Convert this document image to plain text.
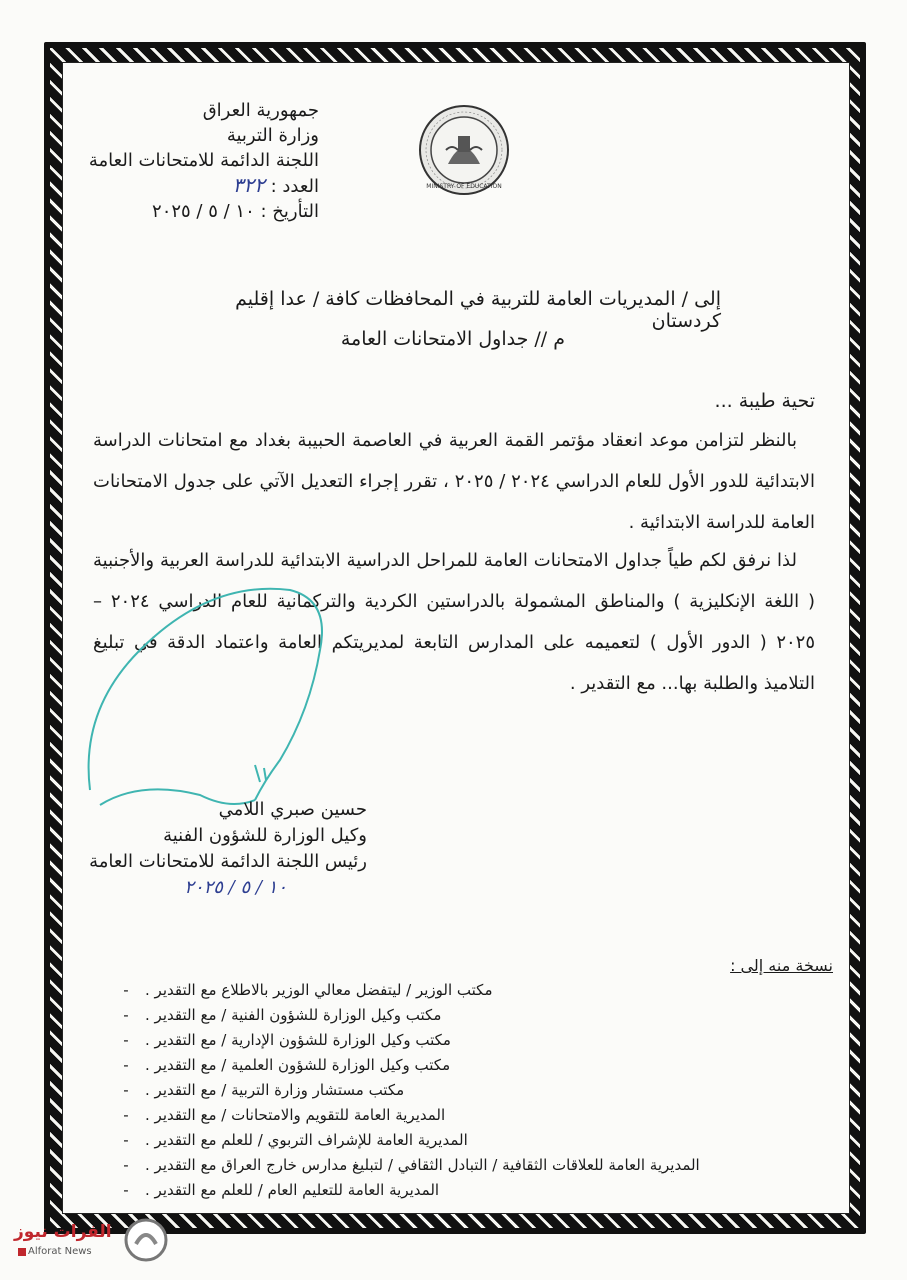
جمهورية العراق
وزارة التربية
اللجنة الدائمة للامتحانات العامة
العدد : ٣٢٢
التأريخ : ١٠ / ٥ / ٢٠٢٥
MINISTRY OF EDUCATION
إلى / المديريات العامة للتربية في المحافظات كافة / عدا إقليم كردستان
م // جداول الامتحانات العامة
تحية طيبة ...
بالنظر لتزامن موعد انعقاد مؤتمر القمة العربية في العاصمة الحبيبة بغداد مع امتحانات الدراسة الابتدائية للدور الأول للعام الدراسي ٢٠٢٤ / ٢٠٢٥ ، تقرر إجراء التعديل الآتي على جدول الامتحانات العامة للدراسة الابتدائية .
لذا نرفق لكم طياً جداول الامتحانات العامة للمراحل الدراسية الابتدائية للدراسة العربية والأجنبية ( اللغة الإنكليزية ) والمناطق المشمولة بالدراستين الكردية والتركمانية للعام الدراسي ٢٠٢٤ – ٢٠٢٥ ( الدور الأول ) لتعميمه على المدارس التابعة لمديريتكم العامة واعتماد الدقة في تبليغ التلاميذ والطلبة بها... مع التقدير .
حسين صبري اللامي
وكيل الوزارة للشؤون الفنية
رئيس اللجنة الدائمة للامتحانات العامة
١٠ / ٥ / ٢٠٢٥
نسخة منه إلى :
مكتب الوزير / ليتفضل معالي الوزير بالاطلاع مع التقدير .
-
مكتب وكيل الوزارة للشؤون الفنية / مع التقدير .
-
مكتب وكيل الوزارة للشؤون الإدارية / مع التقدير .
-
مكتب وكيل الوزارة للشؤون العلمية / مع التقدير .
-
مكتب مستشار وزارة التربية / مع التقدير .
-
المديرية العامة للتقويم والامتحانات / مع التقدير .
-
المديرية العامة للإشراف التربوي / للعلم مع التقدير .
-
المديرية العامة للعلاقات الثقافية / التبادل الثقافي / لتبليغ مدارس خارج العراق مع التقدير .
-
المديرية العامة للتعليم العام / للعلم مع التقدير .
-
الفرات نيوز
Alforat News
